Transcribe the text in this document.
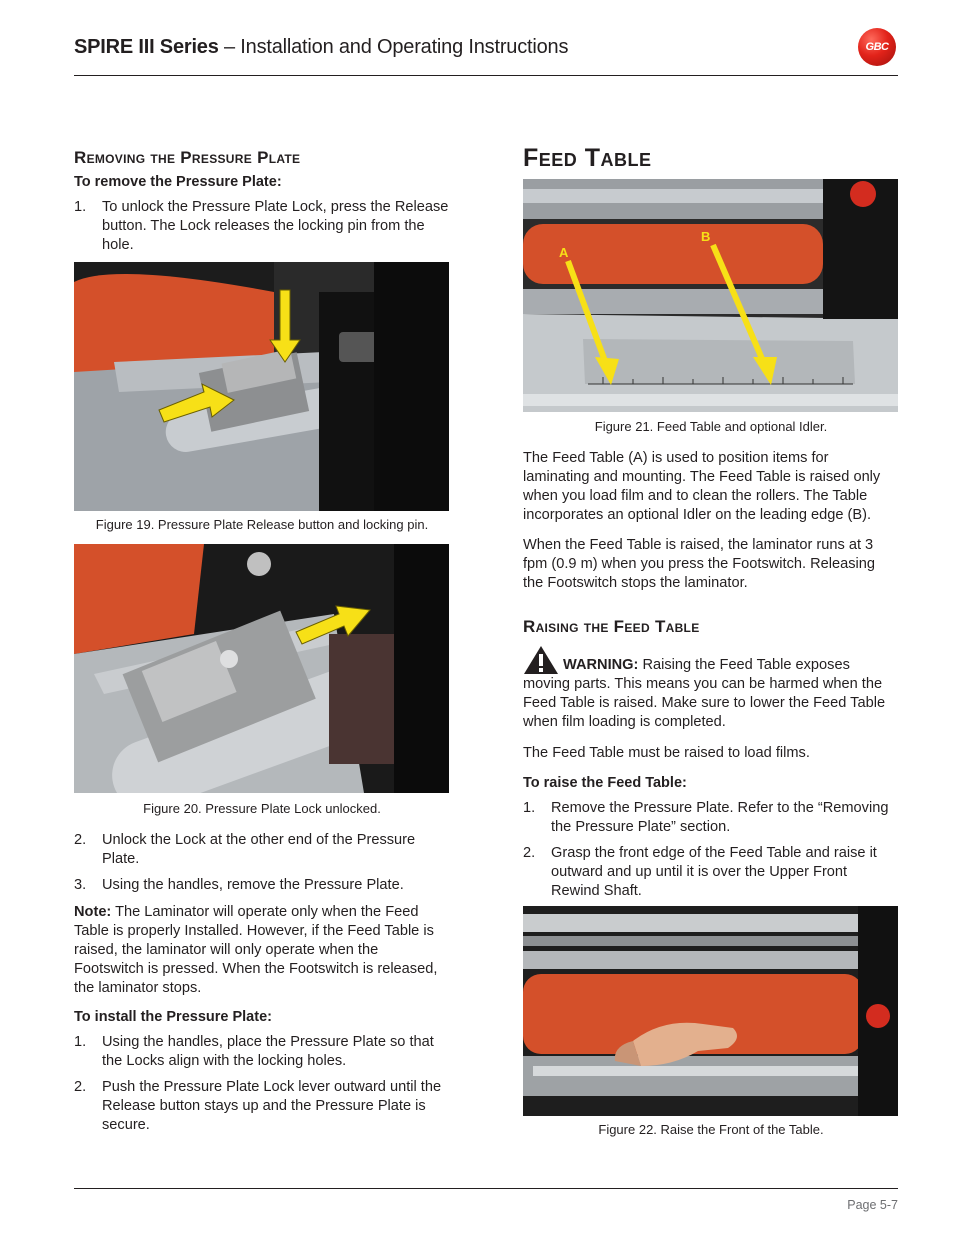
SPIRE III Series – Installation and Operating Instructions	GBC
Removing the Pressure Plate
To remove the Pressure Plate:
1. To unlock the Pressure Plate Lock, press the Release button. The Lock releases the locking pin from the hole.
Figure 19. Pressure Plate Release button and locking pin.
Figure 20. Pressure Plate Lock unlocked.
2. Unlock the Lock at the other end of the Pressure Plate.
3. Using the handles, remove the Pressure Plate.

Note: The Laminator will operate only when the Feed Table is properly Installed. However, if the Feed Table is raised, the laminator will only operate when the Footswitch is pressed. When the Footswitch is released, the laminator stops.

To install the Pressure Plate:
1. Using the handles, place the Pressure Plate so that the Locks align with the locking holes.
2. Push the Pressure Plate Lock lever outward until the Release button stays up and the Pressure Plate is secure.
Feed Table
A
B
Figure 21. Feed Table and optional Idler.

The Feed Table (A) is used to position items for laminating and mounting. The Feed Table is raised only when you load film and to clean the rollers. The Table incorporates an optional Idler on the leading edge (B).

When the Feed Table is raised, the laminator runs at 3 fpm (0.9 m) when you press the Footswitch. Releasing the Footswitch stops the laminator.

Raising the Feed Table

WARNING: Raising the Feed Table exposes moving parts. This means you can be harmed when the Feed Table is raised. Make sure to lower the Feed Table when film loading is completed.

The Feed Table must be raised to load films.

To raise the Feed Table:
1. Remove the Pressure Plate. Refer to the “Removing the Pressure Plate” section.
2. Grasp the front edge of the Feed Table and raise it outward and up until it is over the Upper Front Rewind Shaft.
Figure 22. Raise the Front of the Table.
Page 5-7
